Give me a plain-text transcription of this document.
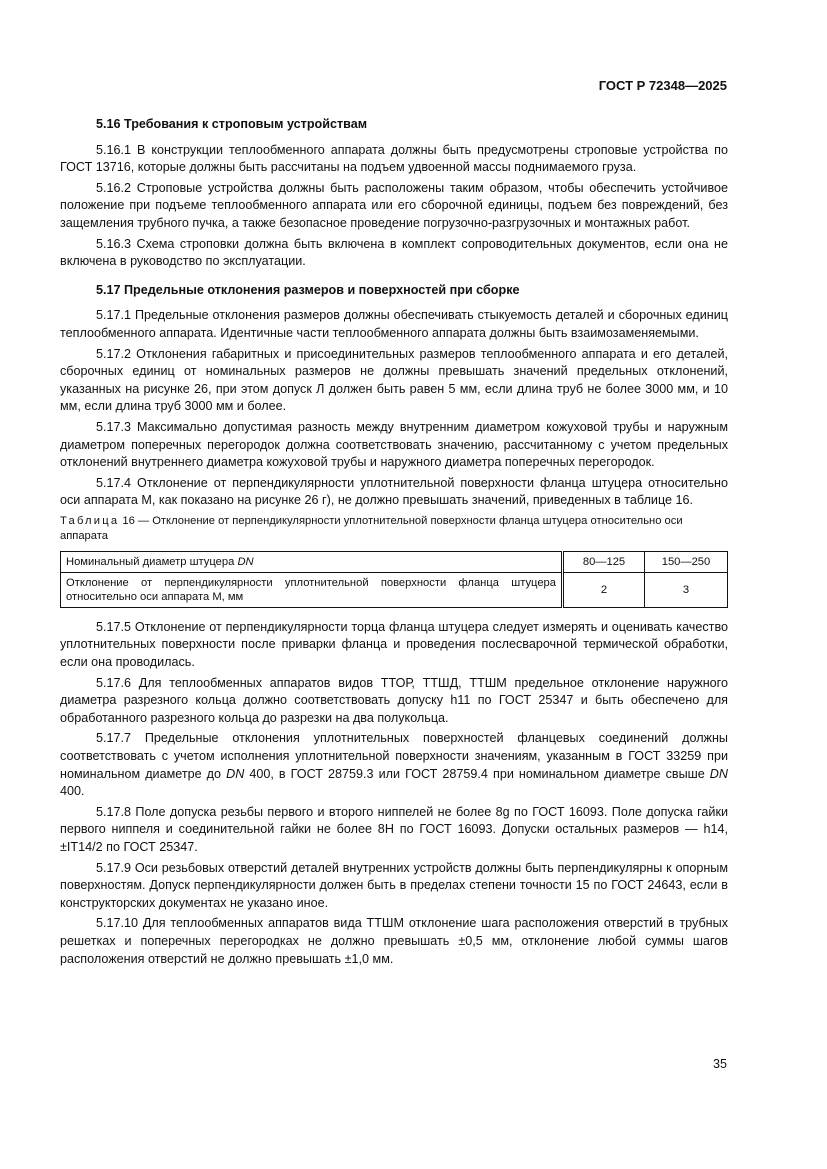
ГОСТ Р 72348—2025
5.16 Требования к строповым устройствам

5.16.1 В конструкции теплообменного аппарата должны быть предусмотрены строповые устройства по ГОСТ 13716, которые должны быть рассчитаны на подъем удвоенной массы поднимаемого груза.

5.16.2 Строповые устройства должны быть расположены таким образом, чтобы обеспечить устойчивое положение при подъеме теплообменного аппарата или его сборочной единицы, подъем без повреждений, без защемления трубного пучка, а также безопасное проведение погрузочно-разгрузочных и монтажных работ.

5.16.3 Схема строповки должна быть включена в комплект сопроводительных документов, если она не включена в руководство по эксплуатации.

5.17 Предельные отклонения размеров и поверхностей при сборке

5.17.1 Предельные отклонения размеров должны обеспечивать стыкуемость деталей и сборочных единиц теплообменного аппарата. Идентичные части теплообменного аппарата должны быть взаимозаменяемыми.

5.17.2 Отклонения габаритных и присоединительных размеров теплообменного аппарата и его деталей, сборочных единиц от номинальных размеров не должны превышать значений предельных отклонений, указанных на рисунке 26, при этом допуск Л должен быть равен 5 мм, если длина труб не более 3000 мм, и 10 мм, если длина труб 3000 мм и более.

5.17.3 Максимально допустимая разность между внутренним диаметром кожуховой трубы и наружным диаметром поперечных перегородок должна соответствовать значению, рассчитанному с учетом предельных отклонений внутреннего диаметра кожуховой трубы и наружного диаметра поперечных перегородок.

5.17.4 Отклонение от перпендикулярности уплотнительной поверхности фланца штуцера относительно оси аппарата М, как показано на рисунке 26 г), не должно превышать значений, приведенных в таблице 16.

Таблица 16 — Отклонение от перпендикулярности уплотнительной поверхности фланца штуцера относительно оси аппарата
Номинальный диаметр штуцера DN	80—125	150—250
Отклонение от перпендикулярности уплотнительной поверхности фланца штуцера относительно оси аппарата М, мм	2	3

5.17.5 Отклонение от перпендикулярности торца фланца штуцера следует измерять и оценивать качество уплотнительных поверхности после приварки фланца и проведения послесварочной термической обработки, если она проводилась.

5.17.6 Для теплообменных аппаратов видов ТТОР, ТТШД, ТТШМ предельное отклонение наружного диаметра разрезного кольца должно соответствовать допуску h11 по ГОСТ 25347 и быть обеспечено для обработанного разрезного кольца до разрезки на два полукольца.

5.17.7 Предельные отклонения уплотнительных поверхностей фланцевых соединений должны соответствовать с учетом исполнения уплотнительной поверхности значениям, указанным в ГОСТ 33259 при номинальном диаметре до DN 400, в ГОСТ 28759.3 или ГОСТ 28759.4 при номинальном диаметре свыше DN 400.

5.17.8 Поле допуска резьбы первого и второго ниппелей не более 8g по ГОСТ 16093. Поле допуска гайки первого ниппеля и соединительной гайки не более 8H по ГОСТ 16093. Допуски остальных размеров — h14, ±IT14/2 по ГОСТ 25347.

5.17.9 Оси резьбовых отверстий деталей внутренних устройств должны быть перпендикулярны к опорным поверхностям. Допуск перпендикулярности должен быть в пределах степени точности 15 по ГОСТ 24643, если в конструкторских документах не указано иное.

5.17.10 Для теплообменных аппаратов вида ТТШМ отклонение шага расположения отверстий в трубных решетках и поперечных перегородках не должно превышать ±0,5 мм, отклонение любой суммы шагов расположения отверстий не должно превышать ±1,0 мм.

35
